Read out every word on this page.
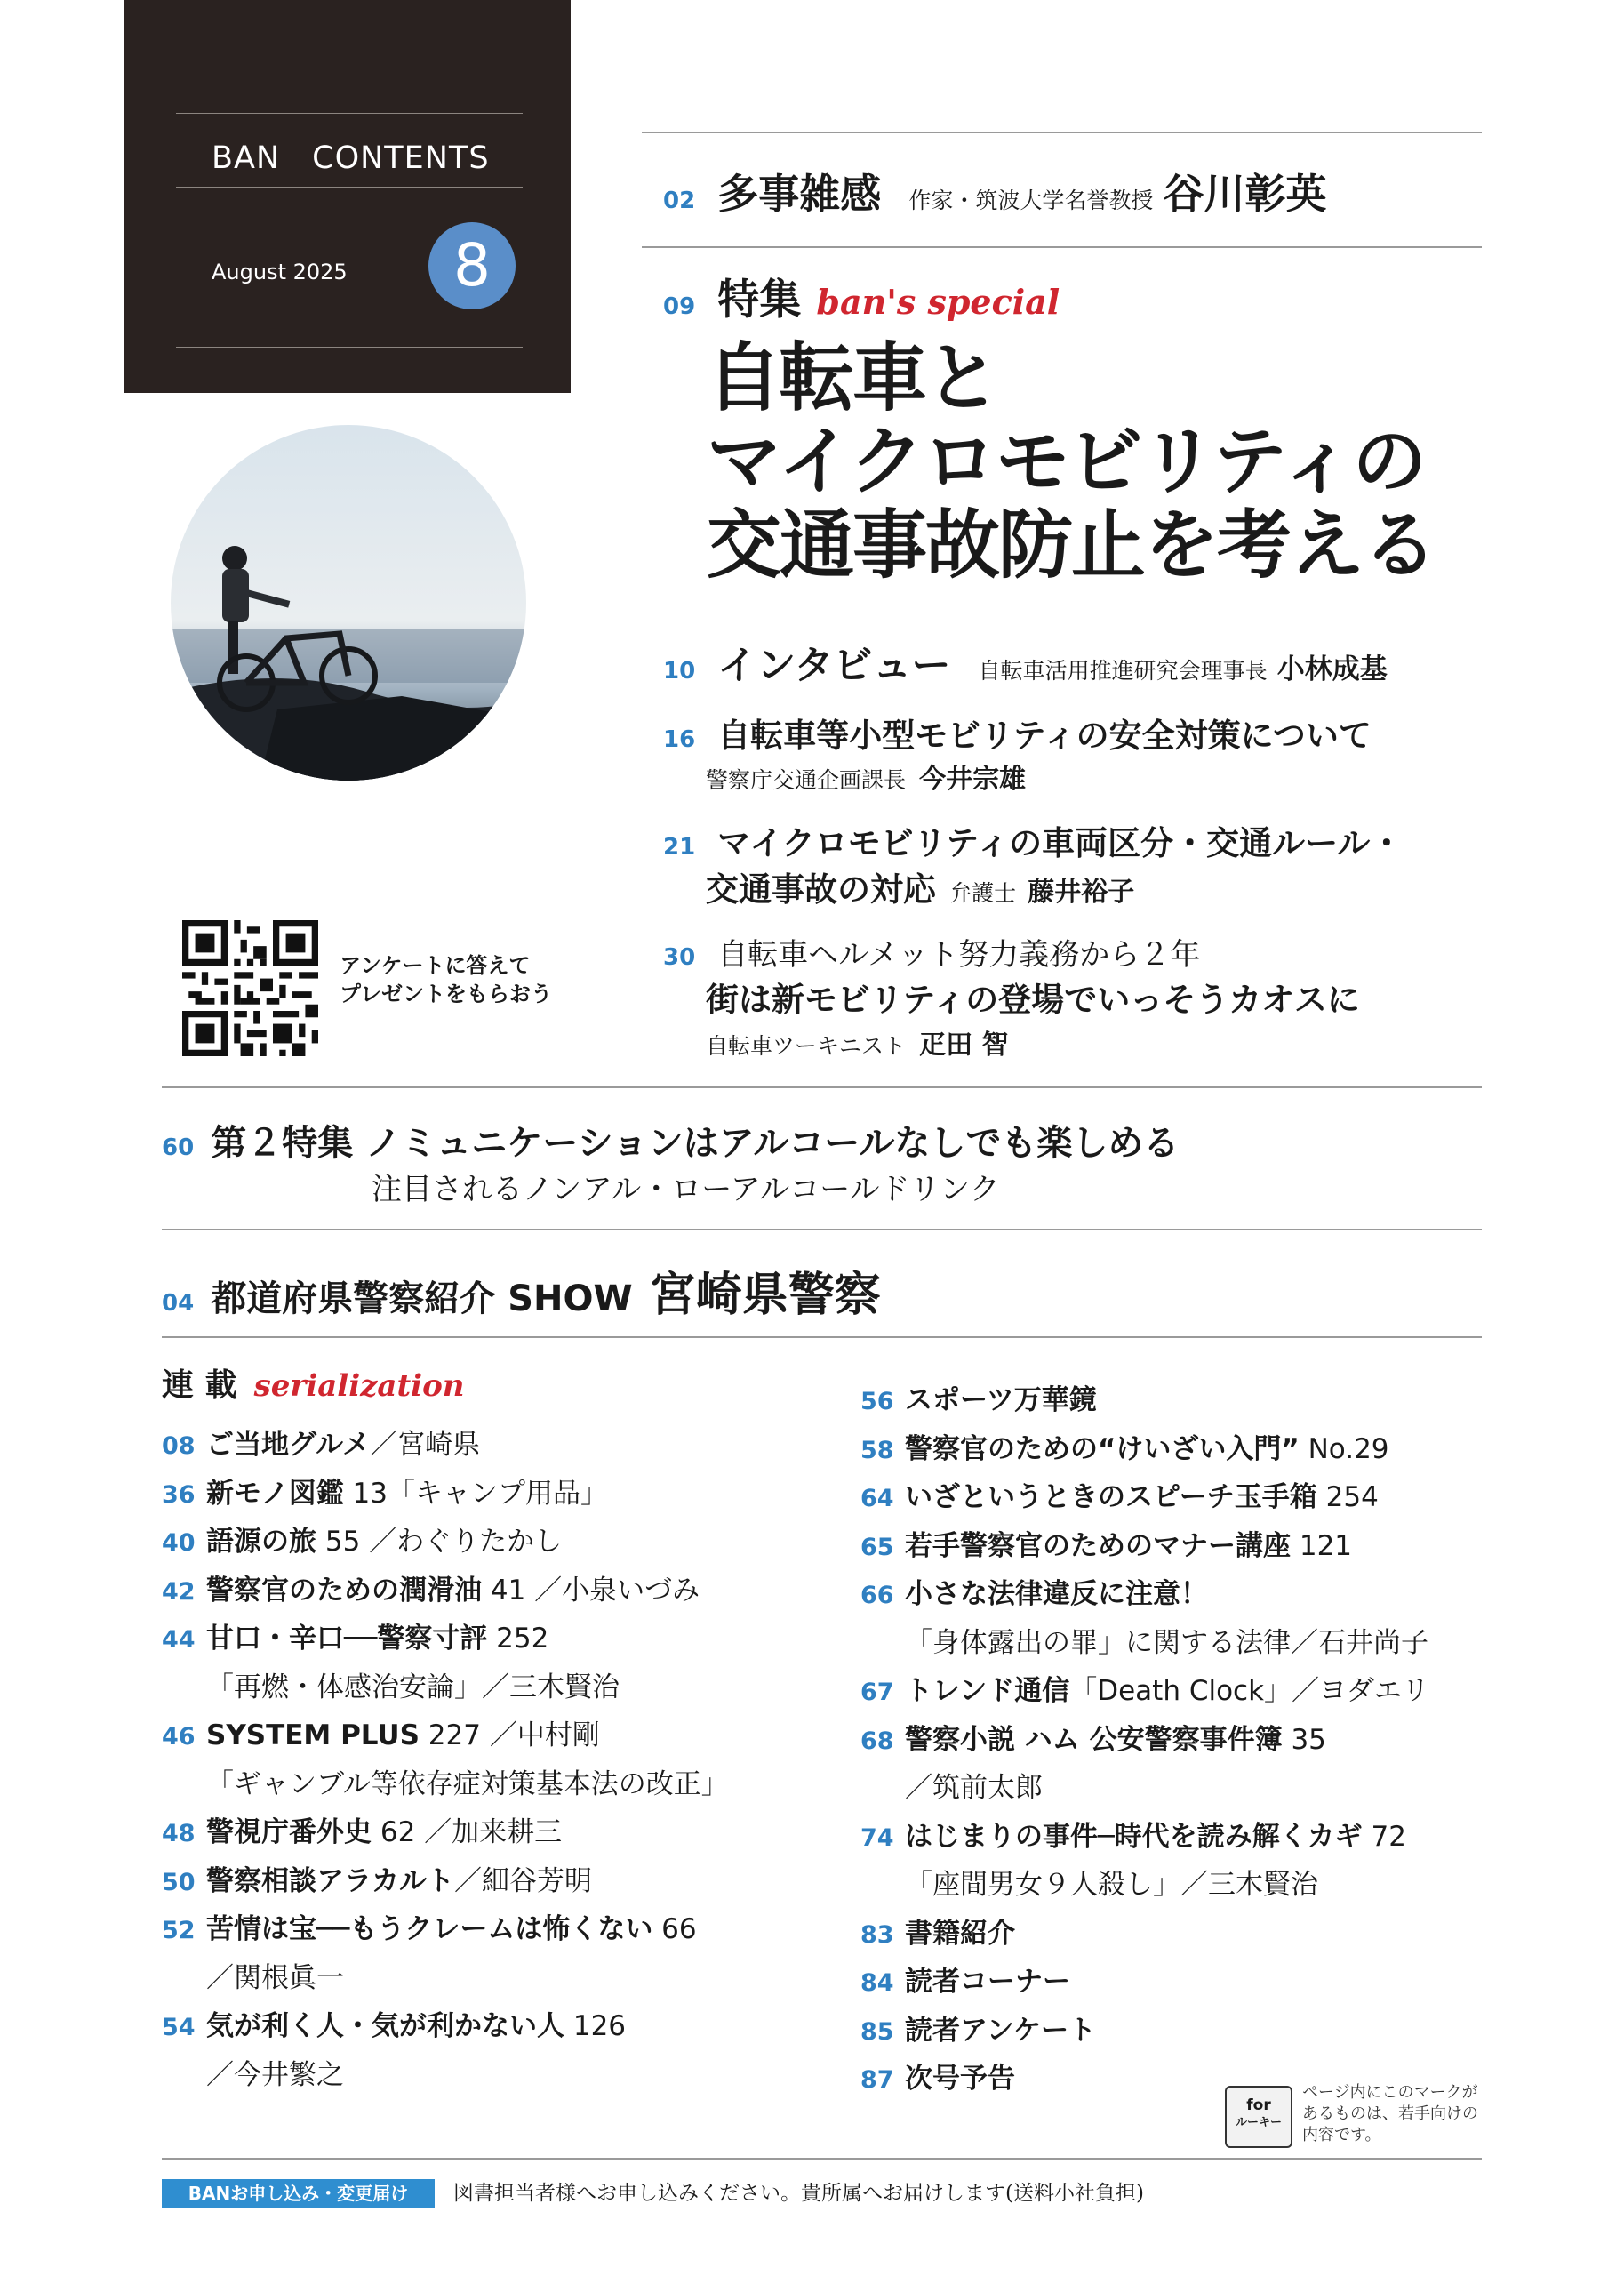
BAN　CONTENTS
August 2025	8
アンケートに答えて
プレゼントをもらおう
02 多事雑感 作家・筑波大学名誉教授 谷川彰英
09 特集 ban's special
自転車と
マイクロモビリティの
交通事故防止を考える
10 インタビュー 自転車活用推進研究会理事長 小林成基
16 自転車等小型モビリティの安全対策について
警察庁交通企画課長 今井宗雄
21 マイクロモビリティの車両区分・交通ルール・
交通事故の対応 弁護士 藤井裕子
30 自転車ヘルメット努力義務から２年
街は新モビリティの登場でいっそうカオスに
自転車ツーキニスト 疋田 智
60 第２特集 ノミュニケーションはアルコールなしでも楽しめる
注目されるノンアル・ローアルコールドリンク
04 都道府県警察紹介 SHOW 宮崎県警察
連 載 serialization
08 ご当地グルメ／宮崎県
36 新モノ図鑑 13「キャンプ用品」
40 語源の旅 55 ／わぐりたかし
42 警察官のための潤滑油 41 ／小泉いづみ
44 甘口・辛口──警察寸評 252
「再燃・体感治安論」／三木賢治
46 SYSTEM PLUS 227 ／中村剛
「ギャンブル等依存症対策基本法の改正」
48 警視庁番外史 62 ／加来耕三
50 警察相談アラカルト／細谷芳明
52 苦情は宝──もうクレームは怖くない 66
／関根眞一
54 気が利く人・気が利かない人 126
／今井繁之
56 スポーツ万華鏡
58 警察官のための“けいざい入門” No.29
64 いざというときのスピーチ玉手箱 254
65 若手警察官のためのマナー講座 121
66 小さな法律違反に注意！
「身体露出の罪」に関する法律／石井尚子
67 トレンド通信「Death Clock」／ヨダエリ
68 警察小説 ハム 公安警察事件簿 35
／筑前太郎
74 はじまりの事件─時代を読み解くカギ 72
「座間男女９人殺し」／三木賢治
83 書籍紹介
84 読者コーナー
85 読者アンケート
87 次号予告
for
ルーキー
ページ内にこのマークが
あるものは、若手向けの
内容です。
BANお申し込み・変更届け	図書担当者様へお申し込みください。貴所属へお届けします(送料小社負担)
